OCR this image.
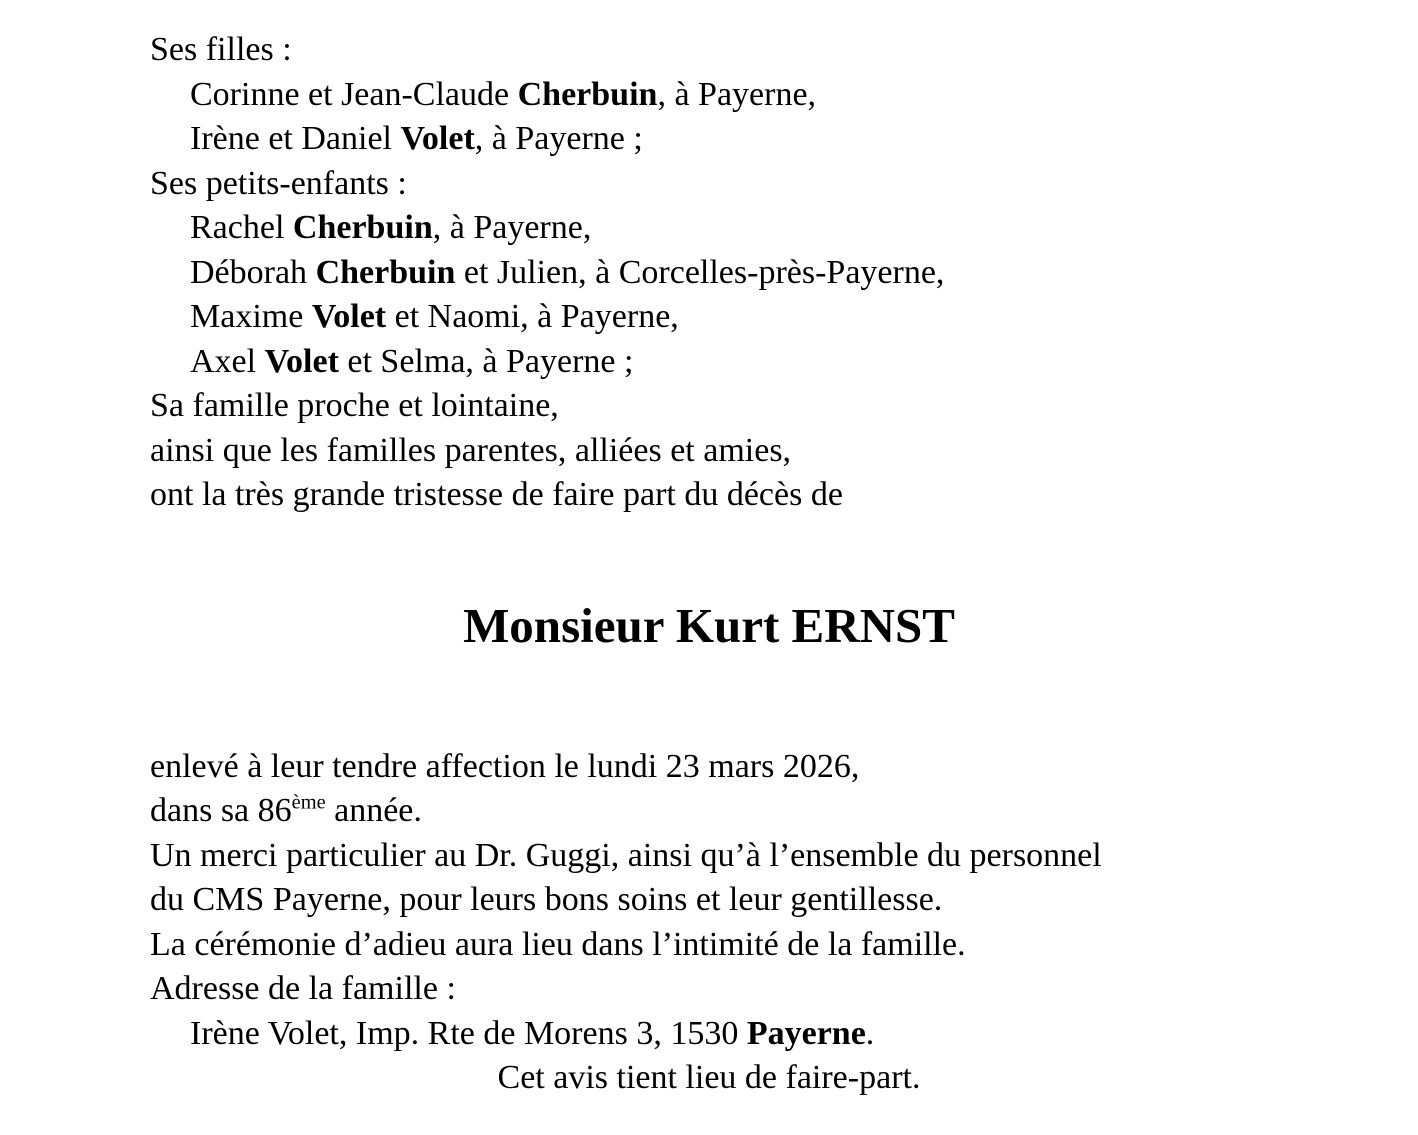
Ses filles :
Corinne et Jean-Claude Cherbuin, à Payerne,
Irène et Daniel Volet, à Payerne ;
Ses petits-enfants :
Rachel Cherbuin, à Payerne,
Déborah Cherbuin et Julien, à Corcelles-près-Payerne,
Maxime Volet et Naomi, à Payerne,
Axel Volet et Selma, à Payerne ;
Sa famille proche et lointaine,
ainsi que les familles parentes, alliées et amies,
ont la très grande tristesse de faire part du décès de
Monsieur Kurt ERNST
enlevé à leur tendre affection le lundi 23 mars 2026,
dans sa 86ème année.
Un merci particulier au Dr. Guggi, ainsi qu’à l’ensemble du personnel
du CMS Payerne, pour leurs bons soins et leur gentillesse.
La cérémonie d’adieu aura lieu dans l’intimité de la famille.
Adresse de la famille :
Irène Volet, Imp. Rte de Morens 3, 1530 Payerne.
Cet avis tient lieu de faire-part.
